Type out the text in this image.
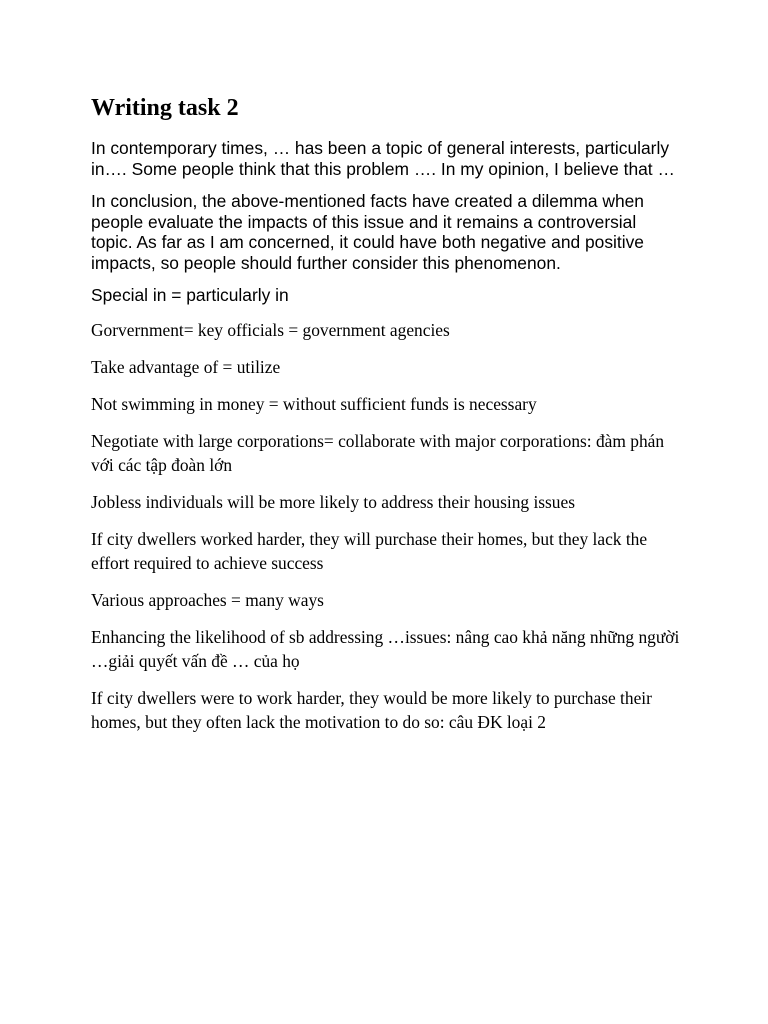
Writing task 2

In contemporary times, … has been a topic of general interests, particularly in…. Some people think that this problem …. In my opinion, I believe that …

In conclusion, the above-mentioned facts have created a dilemma when people evaluate the impacts of this issue and it remains a controversial topic. As far as I am concerned, it could have both negative and positive impacts, so people should further consider this phenomenon.

Special in = particularly in

Gorvernment= key officials = government agencies

Take advantage of = utilize

Not swimming in money = without sufficient funds is necessary

Negotiate with large corporations= collaborate with major corporations: đàm phán với các tập đoàn lớn

Jobless individuals will be more likely to address their housing issues

If city dwellers worked harder, they will purchase their homes, but they lack the effort required to achieve success

Various approaches = many ways

Enhancing the likelihood of sb addressing …issues: nâng cao khả năng những người …giải quyết vấn đề … của họ

If city dwellers were to work harder, they would be more likely to purchase their homes, but they often lack the motivation to do so: câu ĐK loại 2
